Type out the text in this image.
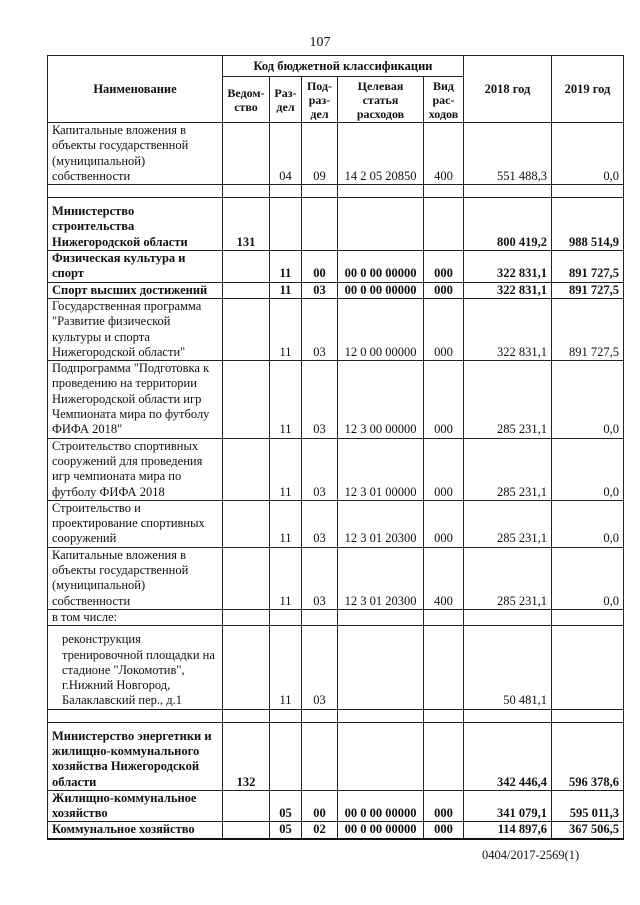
107
Наименование	Код бюджетной классификации					2018 год	2019 год
	Ведом-ство	Раз-дел	Под-раз-дел	Целевая статья расходов	Вид рас-ходов		
Капитальные вложения в объекты государственной (муниципальной) собственности		04	09	14 2 05 20850	400	551 488,3	0,0

Министерство строительства Нижегородской области	131					800 419,2	988 514,9
Физическая культура и спорт		11	00	00 0 00 00000	000	322 831,1	891 727,5
Спорт высших достижений		11	03	00 0 00 00000	000	322 831,1	891 727,5
Государственная программа "Развитие физической культуры и спорта Нижегородской области"		11	03	12 0 00 00000	000	322 831,1	891 727,5
Подпрограмма "Подготовка к проведению на территории Нижегородской области игр Чемпионата мира по футболу ФИФА 2018"		11	03	12 3 00 00000	000	285 231,1	0,0
Строительство спортивных сооружений для проведения игр чемпионата мира по футболу ФИФА 2018		11	03	12 3 01 00000	000	285 231,1	0,0
Строительство и проектирование спортивных сооружений		11	03	12 3 01 20300	000	285 231,1	0,0
Капитальные вложения в объекты государственной (муниципальной) собственности		11	03	12 3 01 20300	400	285 231,1	0,0
в том числе:							

реконструкция тренировочной площадки на стадионе "Локомотив", г.Нижний Новгород, Балаклавский пер., д.1		11	03			50 481,1	

Министерство энергетики и жилищно-коммунального хозяйства Нижегородской области	132					342 446,4	596 378,6
Жилищно-коммунальное хозяйство		05	00	00 0 00 00000	000	341 079,1	595 011,3
Коммунальное хозяйство		05	02	00 0 00 00000	000	114 897,6	367 506,5
0404/2017-2569(1)
